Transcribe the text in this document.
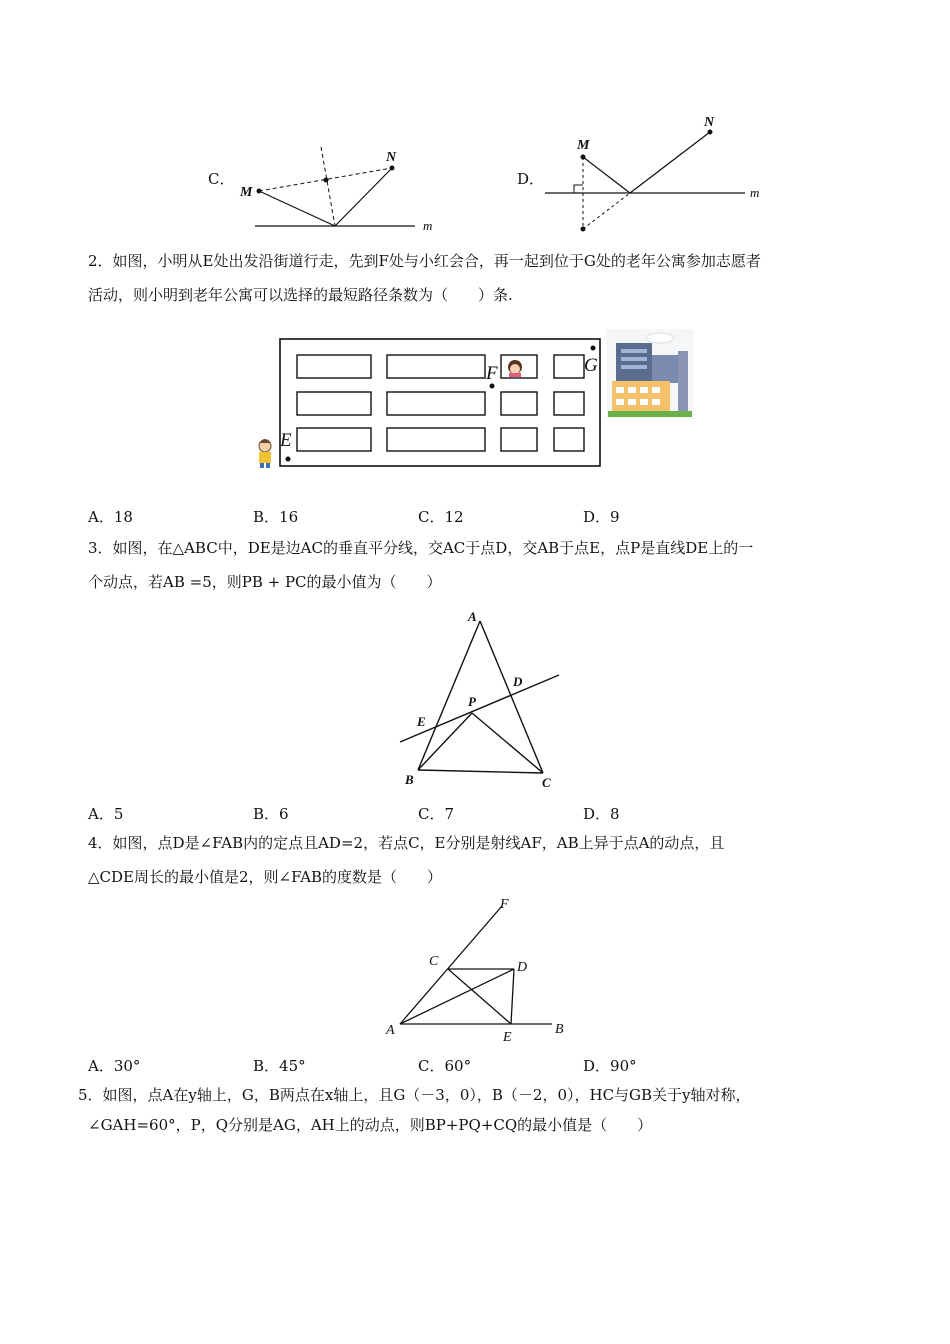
C．
M
N
m
D．
M
N
m
2．如图，小明从E处出发沿街道行走，先到F处与小红会合，再一起到位于G处的老年公寓参加志愿者
活动，则小明到老年公寓可以选择的最短路径条数为（　　）条.
E
F	G
A．18	B．16	C．12	D．9
3．如图，在△ABC中，DE是边AC的垂直平分线，交AC于点D，交AB于点E，点P是直线DE上的一
个动点，若AB =5，则PB + PC的最小值为（　　）
A
B	C
D
E
P
A．5	B．6	C．7	D．8
4．如图，点D是∠FAB内的定点且AD=2，若点C，E分别是射线AF，AB上异于点A的动点，且
△CDE周长的最小值是2，则∠FAB的度数是（　　）
A	B
C	D
E
F
A．30°	B．45°	C．60°	D．90°
5．如图，点A在y轴上，G，B两点在x轴上，且G（－3，0），B（－2，0），HC与GB关于y轴对称，
∠GAH=60°，P，Q分别是AG，AH上的动点，则BP+PQ+CQ的最小值是（　　）
